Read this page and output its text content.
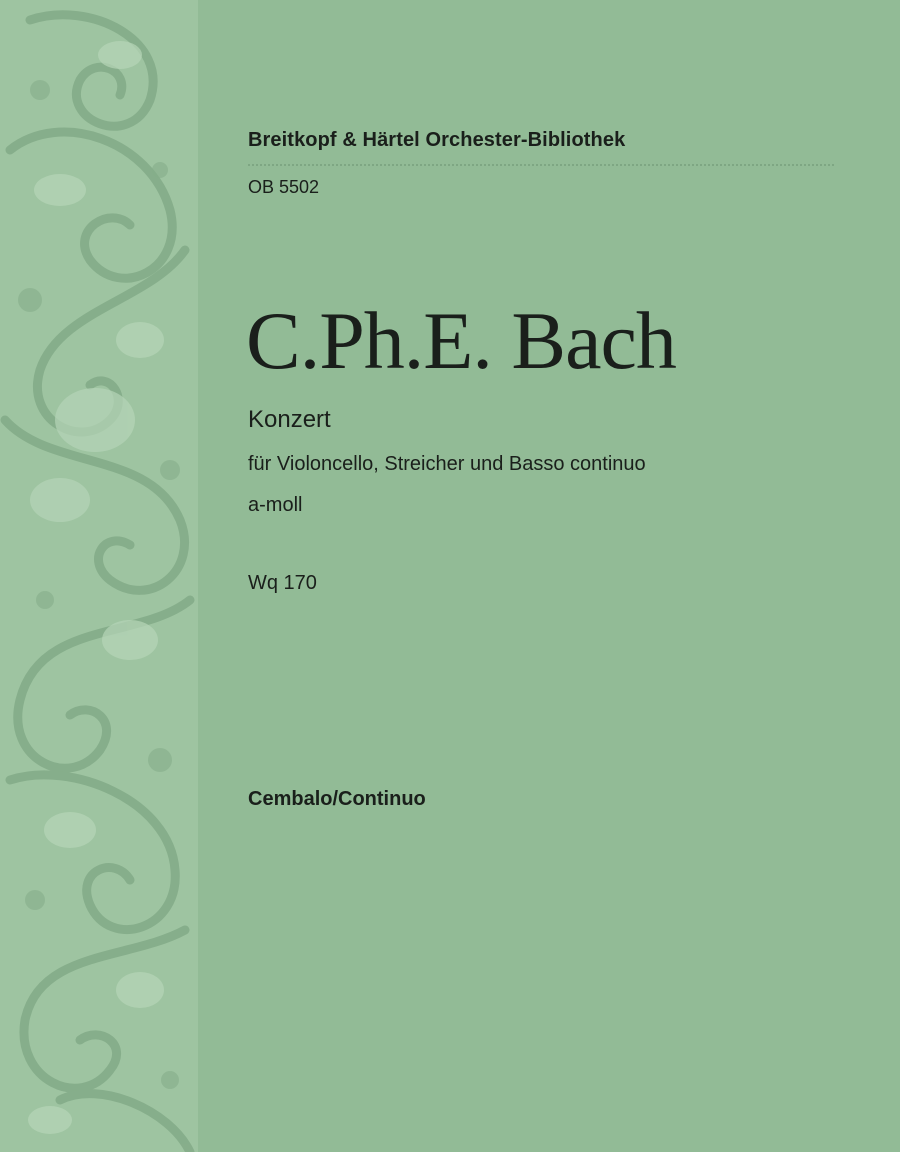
Breitkopf & Härtel Orchester-Bibliothek
OB 5502
C.Ph.E. Bach
Konzert
für Violoncello, Streicher und Basso continuo
a-moll
Wq 170
Cembalo/Continuo
